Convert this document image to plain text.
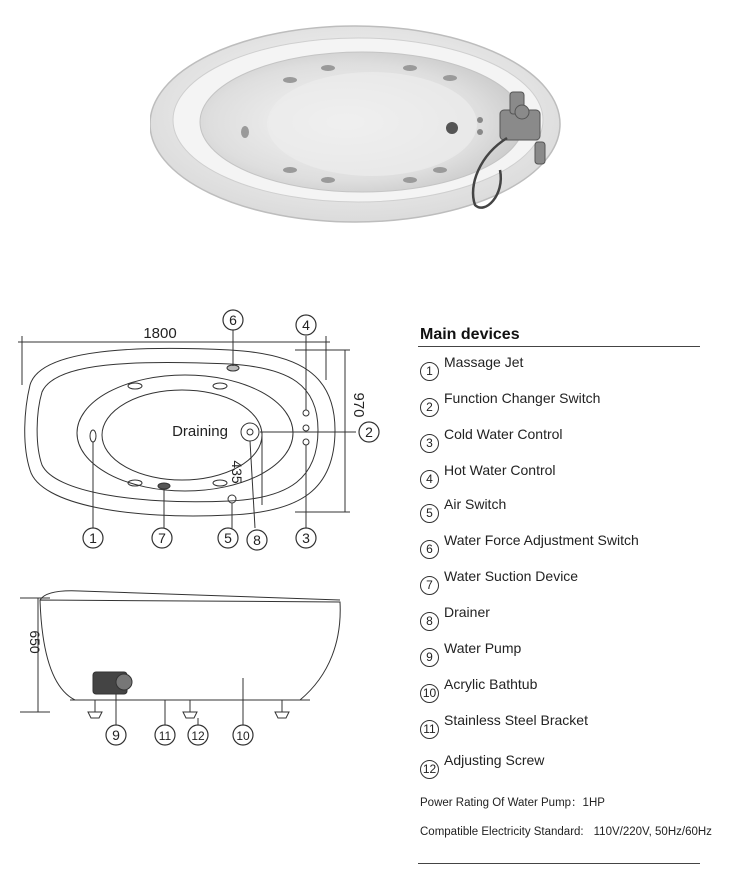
1800
970
435
650
Draining
1
2
3
4
5
6
7	8
9	10
11 12
Main devices
1
Massage Jet
2
Function Changer Switch
3
Cold Water Control
4
Hot Water Control
5
Air Switch
6
Water Force Adjustment Switch
7
Water Suction Device
8
Drainer
9
Water Pump
10
Acrylic Bathtub
11
Stainless Steel Bracket
12
Adjusting Screw
Power Rating Of Water Pump：1HP
Compatible Electricity Standard: 110V/220V, 50Hz/60Hz
